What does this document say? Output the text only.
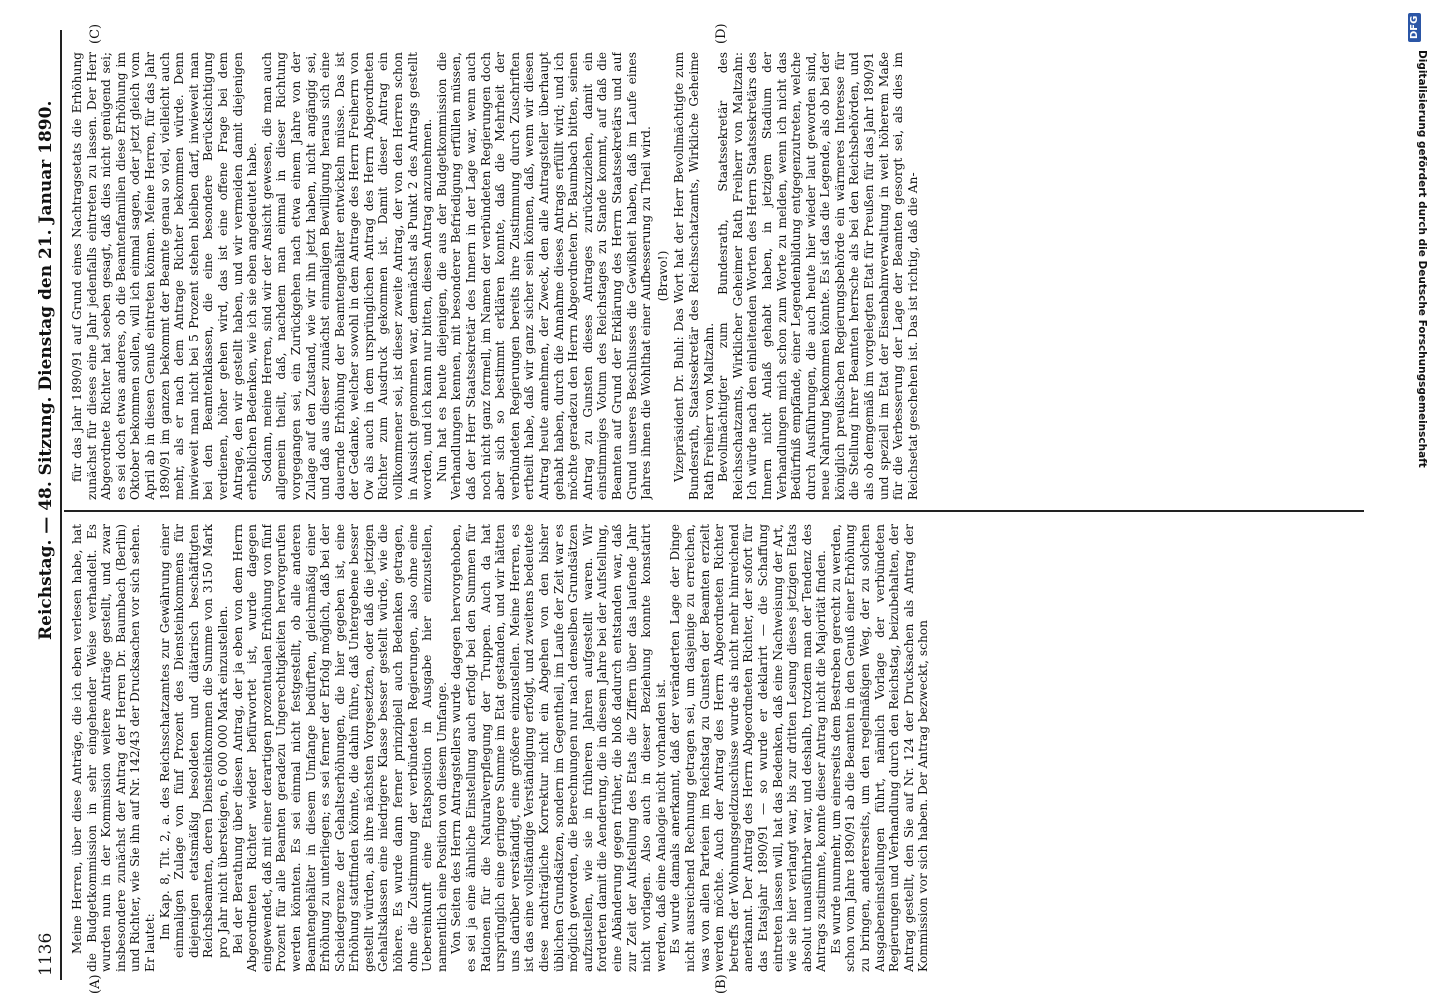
1136
Reichstag. — 48. Sitzung. Dienstag den 21. Januar 1890.
(A)	(B)
(C)	(D)

Meine Herren, über diese Anträge, die ich eben verlesen habe, hat die Budgetkommission in sehr eingehender Weise verhandelt. Es wurden nun in der Kommission weitere Anträge gestellt, und zwar insbesondere zunächst der Antrag der Herren Dr. Baumbach (Berlin) und Richter, wie Sie ihn auf Nr. 142/43 der Drucksachen vor sich sehen. Er lautet:

Im Kap. 8, Tit. 2, a. des Reichsschatzamtes zur Gewährung einer einmaligen Zulage von fünf Prozent des Diensteinkommens für diejenigen etatsmäßig besoldeten und diätarisch beschäftigten Reichsbeamten, deren Diensteinkommen die Summe von 3150 Mark pro Jahr nicht übersteigen, 6 000 000 Mark einzustellen. Bei der Berathung über diesen Antrag, der ja eben von dem Herrn Abgeordneten Richter wieder befürwortet ist, wurde dagegen eingewendet, daß mit einer derartigen prozentualen Erhöhung von fünf Prozent für alle Beamten geradezu Ungerechtigkeiten hervorgerufen werden könnten. Es sei einmal nicht festgestellt, ob alle anderen Beamtengehälter in diesem Umfange bedürften, gleichmäßig einer Erhöhung zu unterliegen; es sei ferner der Erfolg möglich, daß bei der Scheidegrenze der Gehaltserhöhungen, die hier gegeben ist, eine Erhöhung stattfinden könnte, die dahin führe, daß Untergebene besser gestellt würden, als ihre nächsten Vorgesetzten, oder daß die jetzigen Gehaltsklassen eine niedrigere Klasse besser gestellt würde, wie die höhere. Es wurde dann ferner prinzipiell auch Bedenken getragen, ohne die Zustimmung der verbündeten Regierungen, also ohne eine Uebereinkunft eine Etatsposition in Ausgabe hier einzustellen, namentlich eine Position von diesem Umfange. Von Seiten des Herrn Antragstellers wurde dagegen hervorgehoben, es sei ja eine ähnliche Einstellung auch erfolgt bei den Summen für Rationen für die Naturalverpflegung der Truppen. Auch da hat ursprünglich eine geringere Summe im Etat gestanden, und wir hätten uns darüber verständigt, eine größere einzustellen. Meine Herren, es ist das eine vollständige Verständigung erfolgt, und zweitens bedeutete diese nachträgliche Korrektur nicht ein Abgehen von den bisher üblichen Grundsätzen, sondern im Gegentheil, im Laufe der Zeit war es möglich geworden, die Berechnungen nur nach denselben Grundsätzen aufzustellen, wie sie in früheren Jahren aufgestellt waren. Wir forderten damit die Aenderung, die in diesem Jahre bei der Aufstellung, eine Abänderung gegen früher, die bloß dadurch entstanden war, daß zur Zeit der Aufstellung des Etats die Ziffern über das laufende Jahr nicht vorlagen. Also auch in dieser Beziehung konnte konstatirt werden, daß eine Analogie nicht vorhanden ist. Es wurde damals anerkannt, daß der veränderten Lage der Dinge nicht ausreichend Rechnung getragen sei, um dasjenige zu erreichen, was von allen Parteien im Reichstag zu Gunsten der Beamten erzielt werden möchte. Auch der Antrag des Herrn Abgeordneten Richter betreffs der Wohnungsgeldzuschüsse wurde als nicht mehr hinreichend anerkannt. Der Antrag des Herrn Abgeordneten Richter, der sofort für das Etatsjahr 1890/91 — so wurde er deklarirt — die Schaffung eintreten lassen will, hat das Bedenken, daß eine Nachweisung der Art, wie sie hier verlangt war, bis zur dritten Lesung dieses jetzigen Etats absolut unausführbar war, und deshalb, trotzdem man der Tendenz des Antrags zustimmte, konnte dieser Antrag nicht die Majorität finden. Es wurde nunmehr, um einerseits dem Bestreben gerecht zu werden, schon vom Jahre 1890/91 ab die Beamten in den Genuß einer Erhöhung zu bringen, andererseits, um den regelmäßigen Weg, der zu solchen Ausgabeneinstellungen führt, nämlich Vorlage der verbündeten Regierungen und Verhandlung durch den Reichstag, beizubehalten, der Antrag gestellt, den Sie auf Nr. 124 der Drucksachen als Antrag der Kommission vor sich haben. Der Antrag bezweckt, schon

für das Jahr 1890/91 auf Grund eines Nachtragsetats die Erhöhung zunächst für dieses eine Jahr jedenfalls eintreten zu lassen. Der Herr Abgeordnete Richter hat soeben gesagt, daß dies nicht genügend sei; es sei doch etwas anderes, ob die Beamtenfamilien diese Erhöhung im Oktober bekommen sollen, will ich einmal sagen, oder jetzt gleich vom April ab in diesen Genuß eintreten können. Meine Herren, für das Jahr 1890/91 im ganzen bekommt der Beamte genau so viel, vielleicht auch mehr, als er nach dem Antrage Richter bekommen würde. Denn inwieweit man nicht bei 5 Prozent stehen bleiben darf, inwieweit man bei den Beamtenklassen, die eine besondere Berücksichtigung verdienen, höher gehen wird, das ist eine offene Frage bei dem Antrage, den wir gestellt haben, und wir vermeiden damit diejenigen erheblichen Bedenken, wie ich sie eben angedeutet habe. Sodann, meine Herren, sind wir der Ansicht gewesen, die man auch allgemein theilt, daß, nachdem man einmal in dieser Richtung vorgegangen sei, ein Zurückgehen nach etwa einem Jahre von der Zulage auf den Zustand, wie wir ihn jetzt haben, nicht angängig sei, und daß aus dieser zunächst einmaligen Bewilligung heraus sich eine dauernde Erhöhung der Beamtengehälter entwickeln müsse. Das ist der Gedanke, welcher sowohl in dem Antrage des Herrn Freiherrn von Ow als auch in dem ursprünglichen Antrag des Herrn Abgeordneten Richter zum Ausdruck gekommen ist. Damit dieser Antrag ein vollkommener sei, ist dieser zweite Antrag, der von den Herren schon in Aussicht genommen war, demnächst als Punkt 2 des Antrags gestellt worden, und ich kann nur bitten, diesen Antrag anzunehmen. Nun hat es heute diejenigen, die aus der Budgetkommission die Verhandlungen kennen, mit besonderer Befriedigung erfüllen müssen, daß der Herr Staatssekretär des Innern in der Lage war, wenn auch noch nicht ganz formell, im Namen der verbündeten Regierungen doch aber sich so bestimmt erklären konnte, daß die Mehrheit der verbündeten Regierungen bereits ihre Zustimmung durch Zuschriften ertheilt habe, daß wir ganz sicher sein können, daß, wenn wir diesen Antrag heute annehmen, der Zweck, den alle Antragsteller überhaupt gehabt haben, durch die Annahme dieses Antrags erfüllt wird; und ich möchte geradezu den Herrn Abgeordneten Dr. Baumbach bitten, seinen Antrag zu Gunsten dieses Antrages zurückzuziehen, damit ein einstimmiges Votum des Reichstages zu Stande kommt, auf daß die Beamten auf Grund der Erklärung des Herrn Staatssekretärs und auf Grund unseres Beschlusses die Gewißheit haben, daß im Laufe eines Jahres ihnen die Wohlthat einer Aufbesserung zu Theil wird. (Bravo!) Vizepräsident Dr. Buhl: Das Wort hat der Herr Bevollmächtigte zum Bundesrath, Staatssekretär des Reichsschatzamts, Wirkliche Geheime Rath Freiherr von Maltzahn. Bevollmächtigter zum Bundesrath, Staatssekretär des Reichsschatzamts, Wirklicher Geheimer Rath Freiherr von Maltzahn: Ich würde nach den einleitenden Worten des Herrn Staatssekretärs des Innern nicht Anlaß gehabt haben, in jetzigem Stadium der Verhandlungen mich schon zum Worte zu melden, wenn ich nicht das Bedürfniß empfände, einer Legendenbildung entgegenzutreten, welche durch Ausführungen, die auch heute hier wieder laut geworden sind, neue Nahrung bekommen könnte. Es ist das die Legende, als ob bei der königlich preußischen Regierungsbehörde ein wärmeres Interesse für die Stellung ihrer Beamten herrsche als bei den Reichsbehörden, und als ob demgemäß im vorgelegten Etat für Preußen für das Jahr 1890/91 und speziell im Etat der Eisenbahnverwaltung in weit höherem Maße für die Verbesserung der Lage der Beamten gesorgt sei, als dies im Reichsetat geschehen ist. Das ist richtig, daß die An-

DFG
Digitalisierung gefördert durch die Deutsche Forschungsgemeinschaft
